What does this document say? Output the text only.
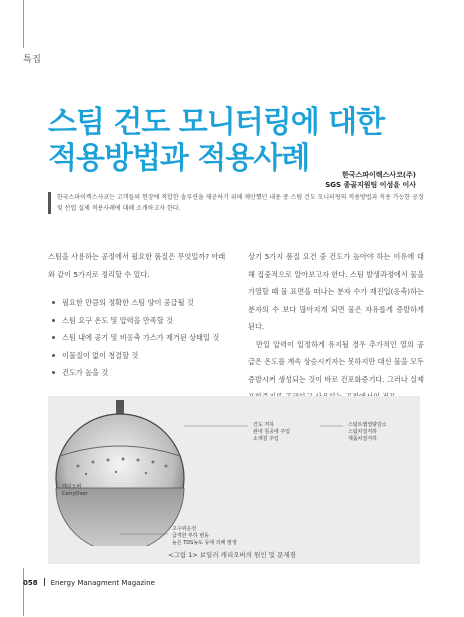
특집
스팀 건도 모니터링에 대한
적용방법과 적용사례	한국스파이렉스사코(주)
SGS 종골지원팀 이성윤 이사
한국스파이렉스사코는 고객들의 현장에 적합한 솔루션을 제공하기 위해 제안했던 내용 중 스팀 건도 모니터링의 적용방법과 적용 가능한 공정 및 산업 실제 적용사례에 대해 소개하고자 한다.

스팀을 사용하는 공정에서 필요한 품질은 무엇일까? 아래와 같이 5가지로 정리할 수 있다.

필요한 만큼의 정확한 스팀 양이 공급될 것
스팀 요구 온도 및 압력을 만족할 것
스팀 내에 공기 및 비응축 가스가 제거된 상태일 것
이물질이 없이 청결할 것
건도가 높을 것

상기 5가지 품질 요건 중 건도가 높아야 하는 이유에 대해 집중적으로 알아보고자 한다. 스팀 발생과정에서 물을 가열할 때 물 표면을 떠나는 분자 수가 재진입(응축)하는 분자의 수 보다 많아지게 되면 물은 자유롭게 증발하게 된다.

만일 압력이 일정하게 유지될 경우 추가적인 열의 공급은 온도를 계속 상승시키지는 못하지만 대신 물을 모두 증발시켜 생성되는 것이 바로 건포화증기다. 그러나 실제

건도 저하
관내 침공에 주입
소재질 주입
스팀트랩열량감소
스팀차질저하
제품차질저하
캐리오버
CarryOver
고수위운전
급격한 부하 변동
높은 TDS농도 등에 의해 발생
<그림 1> 보일러 캐리오버의 원인 및 문제점
058 Energy Managment Magazine
